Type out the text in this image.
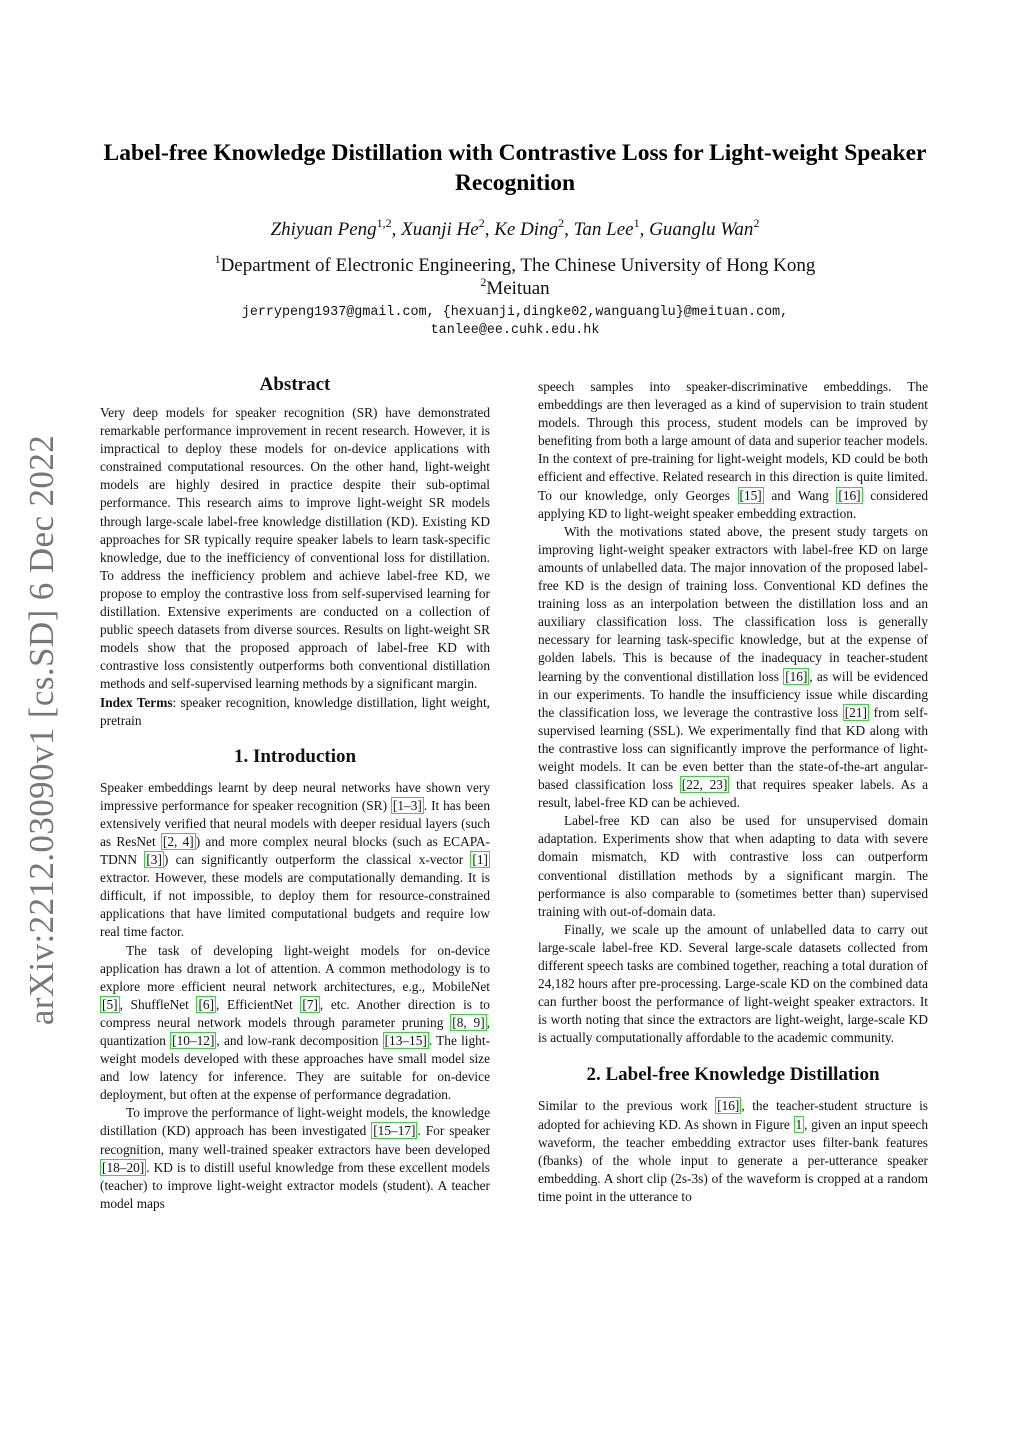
arXiv:2212.03090v1 [cs.SD] 6 Dec 2022
Label-free Knowledge Distillation with Contrastive Loss for Light-weight Speaker Recognition
Zhiyuan Peng$^{1,2}$, Xuanji He$^2$, Ke Ding$^2$, Tan Lee$^1$, Guanglu Wan$^2$
$^1$Department of Electronic Engineering, The Chinese University of Hong Kong
$^2$Meituan
jerrypeng1937@gmail.com, {hexuanji,dingke02,wanguanglu}@meituan.com,
tanlee@ee.cuhk.edu.hk
Abstract

Very deep models for speaker recognition (SR) have demonstrated remarkable performance improvement in recent research. However, it is impractical to deploy these models for on-device applications with constrained computational resources. On the other hand, light-weight models are highly desired in practice despite their sub-optimal performance. This research aims to improve light-weight SR models through large-scale label-free knowledge distillation (KD). Existing KD approaches for SR typically require speaker labels to learn task-specific knowledge, due to the inefficiency of conventional loss for distillation. To address the inefficiency problem and achieve label-free KD, we propose to employ the contrastive loss from self-supervised learning for distillation. Extensive experiments are conducted on a collection of public speech datasets from diverse sources. Results on light-weight SR models show that the proposed approach of label-free KD with contrastive loss consistently outperforms both conventional distillation methods and self-supervised learning methods by a significant margin.

Index Terms: speaker recognition, knowledge distillation, light weight, pretrain

1. Introduction

Speaker embeddings learnt by deep neural networks have shown very impressive performance for speaker recognition (SR) [1–3] . It has been extensively verified that neural models with deeper residual layers (such as ResNet [2, 4] ) and more complex neural blocks (such as ECAPA-TDNN [3] ) can significantly outperform the classical x-vector [1] extractor. However, these models are computationally demanding. It is difficult, if not impossible, to deploy them for resource-constrained applications that have limited computational budgets and require low real time factor.

The task of developing light-weight models for on-device application has drawn a lot of attention. A common methodology is to explore more efficient neural network architectures, e.g., MobileNet [5] , ShuffleNet [6] , EfficientNet [7] , etc. Another direction is to compress neural network models through parameter pruning [8, 9] , quantization [10–12] , and low-rank decomposition [13–15] . The light-weight models developed with these approaches have small model size and low latency for inference. They are suitable for on-device deployment, but often at the expense of performance degradation.

To improve the performance of light-weight models, the knowledge distillation (KD) approach has been investigated [15–17] . For speaker recognition, many well-trained speaker extractors have been developed [18–20] . KD is to distill useful knowledge from these excellent models (teacher) to improve light-weight extractor models (student). A teacher model maps

speech samples into speaker-discriminative embeddings. The embeddings are then leveraged as a kind of supervision to train student models. Through this process, student models can be improved by benefiting from both a large amount of data and superior teacher models. In the context of pre-training for light-weight models, KD could be both efficient and effective. Related research in this direction is quite limited. To our knowledge, only Georges [15] and Wang [16] considered applying KD to light-weight speaker embedding extraction.

With the motivations stated above, the present study targets on improving light-weight speaker extractors with label-free KD on large amounts of unlabelled data. The major innovation of the proposed label-free KD is the design of training loss. Conventional KD defines the training loss as an interpolation between the distillation loss and an auxiliary classification loss. The classification loss is generally necessary for learning task-specific knowledge, but at the expense of golden labels. This is because of the inadequacy in teacher-student learning by the conventional distillation loss [16] , as will be evidenced in our experiments. To handle the insufficiency issue while discarding the classification loss, we leverage the contrastive loss [21] from self-supervised learning (SSL). We experimentally find that KD along with the contrastive loss can significantly improve the performance of light-weight models. It can be even better than the state-of-the-art angular-based classification loss [22, 23] that requires speaker labels. As a result, label-free KD can be achieved.

Label-free KD can also be used for unsupervised domain adaptation. Experiments show that when adapting to data with severe domain mismatch, KD with contrastive loss can outperform conventional distillation methods by a significant margin. The performance is also comparable to (sometimes better than) supervised training with out-of-domain data.

Finally, we scale up the amount of unlabelled data to carry out large-scale label-free KD. Several large-scale datasets collected from different speech tasks are combined together, reaching a total duration of 24,182 hours after pre-processing. Large-scale KD on the combined data can further boost the performance of light-weight speaker extractors. It is worth noting that since the extractors are light-weight, large-scale KD is actually computationally affordable to the academic community.

2. Label-free Knowledge Distillation

Similar to the previous work [16] , the teacher-student structure is adopted for achieving KD. As shown in Figure 1 , given an input speech waveform, the teacher embedding extractor uses filter-bank features (fbanks) of the whole input to generate a per-utterance speaker embedding. A short clip (2s-3s) of the waveform is cropped at a random time point in the utterance to
